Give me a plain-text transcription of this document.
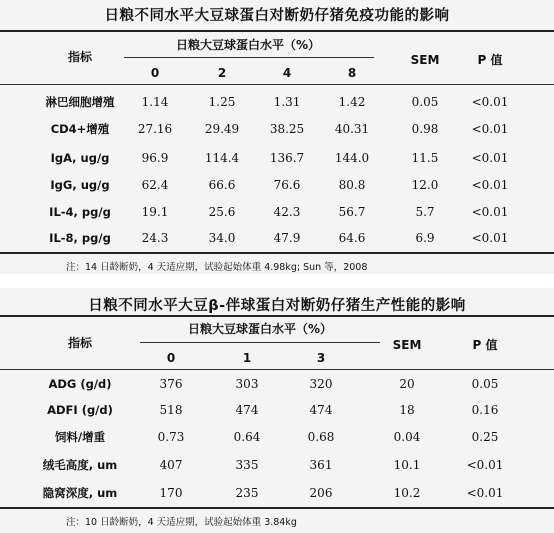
日粮不同水平大豆球蛋白对断奶仔猪免疫功能的影响
指标
日粮大豆球蛋白水平（%）
0	2	4	8
SEM	P 值
淋巴细胞增殖	1.14	1.25	1.31	1.42	0.05	<0.01
CD4+增殖	27.16	29.49	38.25	40.31	0.98	<0.01
IgA, ug/g	96.9	114.4	136.7	144.0	11.5	<0.01
IgG, ug/g	62.4	66.6	76.6	80.8	12.0	<0.01
IL-4, pg/g	19.1	25.6	42.3	56.7	5.7	<0.01
IL-8, pg/g	24.3	34.0	47.9	64.6	6.9	<0.01
注：14 日龄断奶，4 天适应期，试验起始体重 4.98kg; Sun 等，2008
日粮不同水平大豆β-伴球蛋白对断奶仔猪生产性能的影响
指标
日粮大豆球蛋白水平（%）
0	1	3
SEM	P 值
ADG (g/d)	376	303	320	20	0.05
ADFI (g/d)	518	474	474	18	0.16
饲料/增重	0.73	0.64	0.68	0.04	0.25
绒毛高度, um	407	335	361	10.1	<0.01
隐窝深度, um	170	235	206	10.2	<0.01
注：10 日龄断奶，4 天适应期，试验起始体重 3.84kg
